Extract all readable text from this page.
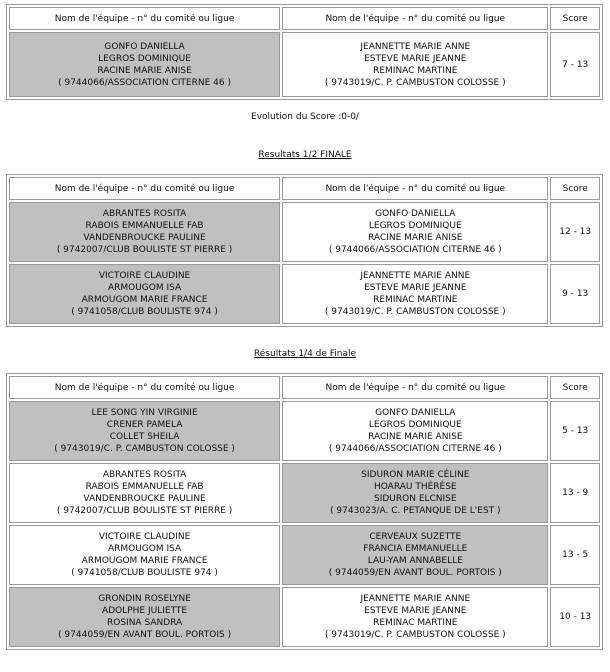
Nom de l'équipe - n° du comité ou ligue	Nom de l'équipe - n° du comité ou ligue	Score

GONFO DANIELLA
LEGROS DOMINIQUE
RACINE MARIE ANISE
( 9744066/ASSOCIATION CITERNE 46 )	JEANNETTE MARIE ANNE
ESTEVE MARIE JEANNE
REMINAC MARTINE
( 9743019/C. P. CAMBUSTON COLOSSE )	7 - 13
Evolution du Score :0-0/
Resultats 1/2 FINALE
Nom de l'équipe - n° du comité ou ligue	Nom de l'équipe - n° du comité ou ligue	Score

ABRANTES ROSITA
RABOIS EMMANUELLE FAB
VANDENBROUCKE PAULINE
( 9742007/CLUB BOULISTE ST PIERRE )	GONFO DANIELLA
LEGROS DOMINIQUE
RACINE MARIE ANISE
( 9744066/ASSOCIATION CITERNE 46 )	12 - 13

VICTOIRE CLAUDINE
ARMOUGOM ISA
ARMOUGOM MARIE FRANCE
( 9741058/CLUB BOULISTE 974 )	JEANNETTE MARIE ANNE
ESTEVE MARIE JEANNE
REMINAC MARTINE
( 9743019/C. P. CAMBUSTON COLOSSE )	9 - 13
Résultats 1/4 de Finale
Nom de l'équipe - n° du comité ou ligue	Nom de l'équipe - n° du comité ou ligue	Score

LEE SONG YIN VIRGINIE
CRENER PAMELA
COLLET SHEILA
( 9743019/C. P. CAMBUSTON COLOSSE )	GONFO DANIELLA
LEGROS DOMINIQUE
RACINE MARIE ANISE
( 9744066/ASSOCIATION CITERNE 46 )	5 - 13

ABRANTES ROSITA
RABOIS EMMANUELLE FAB
VANDENBROUCKE PAULINE
( 9742007/CLUB BOULISTE ST PIERRE )	SIDURON MARIE CÉLINE
HOARAU THÉRÈSE
SIDURON ELCNISE
( 9743023/A. C. PETANQUE DE L'EST )	13 - 9

VICTOIRE CLAUDINE
ARMOUGOM ISA
ARMOUGOM MARIE FRANCE
( 9741058/CLUB BOULISTE 974 )	CERVEAUX SUZETTE
FRANCIA EMMANUELLE
LAU-YAM ANNABELLE
( 9744059/EN AVANT BOUL. PORTOIS )	13 - 5

GRONDIN ROSELYNE
ADOLPHE JULIETTE
ROSINA SANDRA
( 9744059/EN AVANT BOUL. PORTOIS )	JEANNETTE MARIE ANNE
ESTEVE MARIE JEANNE
REMINAC MARTINE
( 9743019/C. P. CAMBUSTON COLOSSE )	10 - 13
